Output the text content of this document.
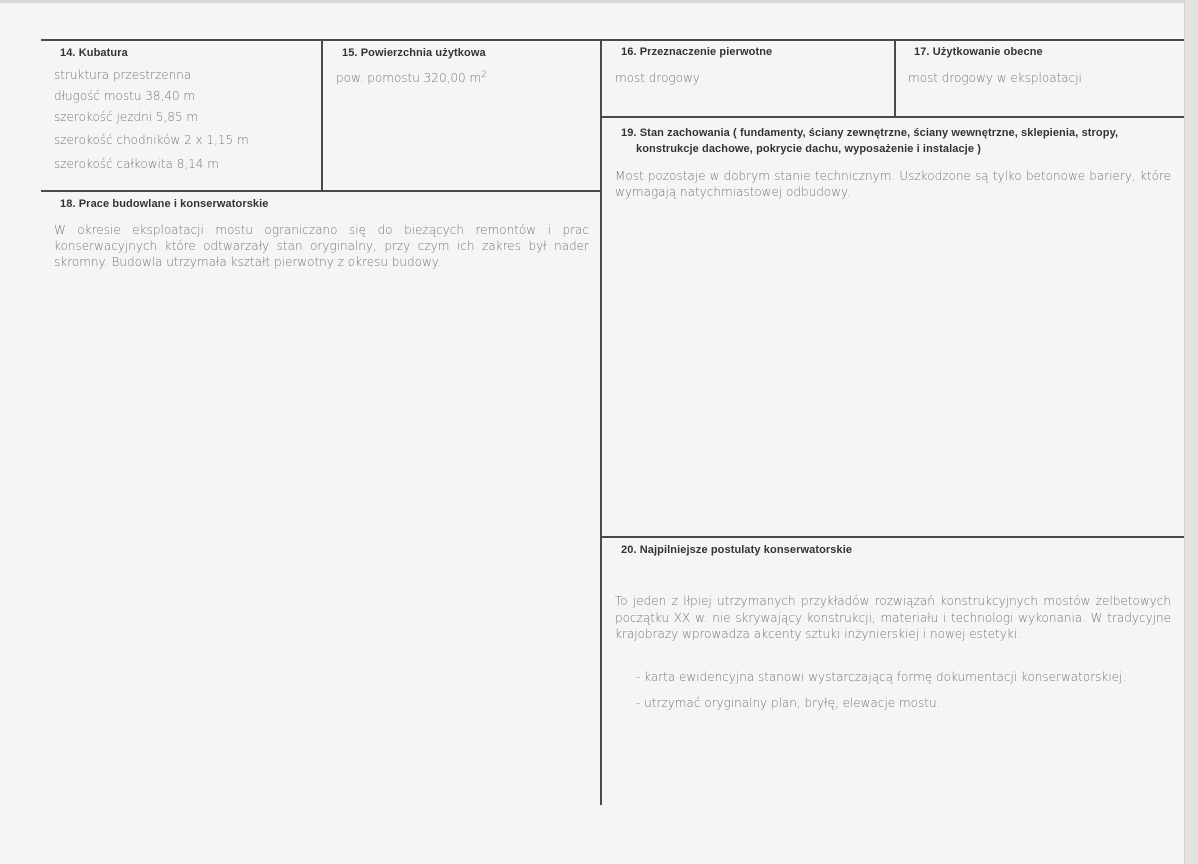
14. Kubatura
struktura przestrzenna
długość mostu 38,40 m
szerokość jezdni 5,85 m
szerokość chodników 2 x 1,15 m
szerokość całkowita 8,14 m
15. Powierzchnia użytkowa
pow. pomostu 320,00 $m^2$
16. Przeznaczenie pierwotne
most drogowy
17. Użytkowanie obecne
most drogowy w eksploatacji
18. Prace budowlane i konserwatorskie
W okresie eksploatacji mostu ograniczano się do bieżących remontów i prac konserwacyjnych które odtwarzały stan oryginalny, przy czym ich zakres był nader skromny. Budowla utrzymała kształt pierwotny z okresu budowy.
19. Stan zachowania ( fundamenty, ściany zewnętrzne, ściany wewnętrzne, sklepienia, stropy,
konstrukcje dachowe, pokrycie dachu, wyposażenie i instalacje )
Most pozostaje w dobrym stanie technicznym. Uszkodzone są tylko betonowe bariery, które wymagają natychmiastowej odbudowy.
20. Najpilniejsze postulaty konserwatorskie
To jeden z lłpiej utrzymanych przykładów rozwiązań konstrukcyjnych mostów żelbetowych początku XX w. nie skrywający konstrukcji, materiału i technologi wykonania. W tradycyjne krajobrazy wprowadza akcenty sztuki inżynierskiej i nowej estetyki.
- karta ewidencyjna stanowi wystarczającą formę dokumentacji konserwatorskiej.
- utrzymać oryginalny plan, bryłę, elewacje mostu.
